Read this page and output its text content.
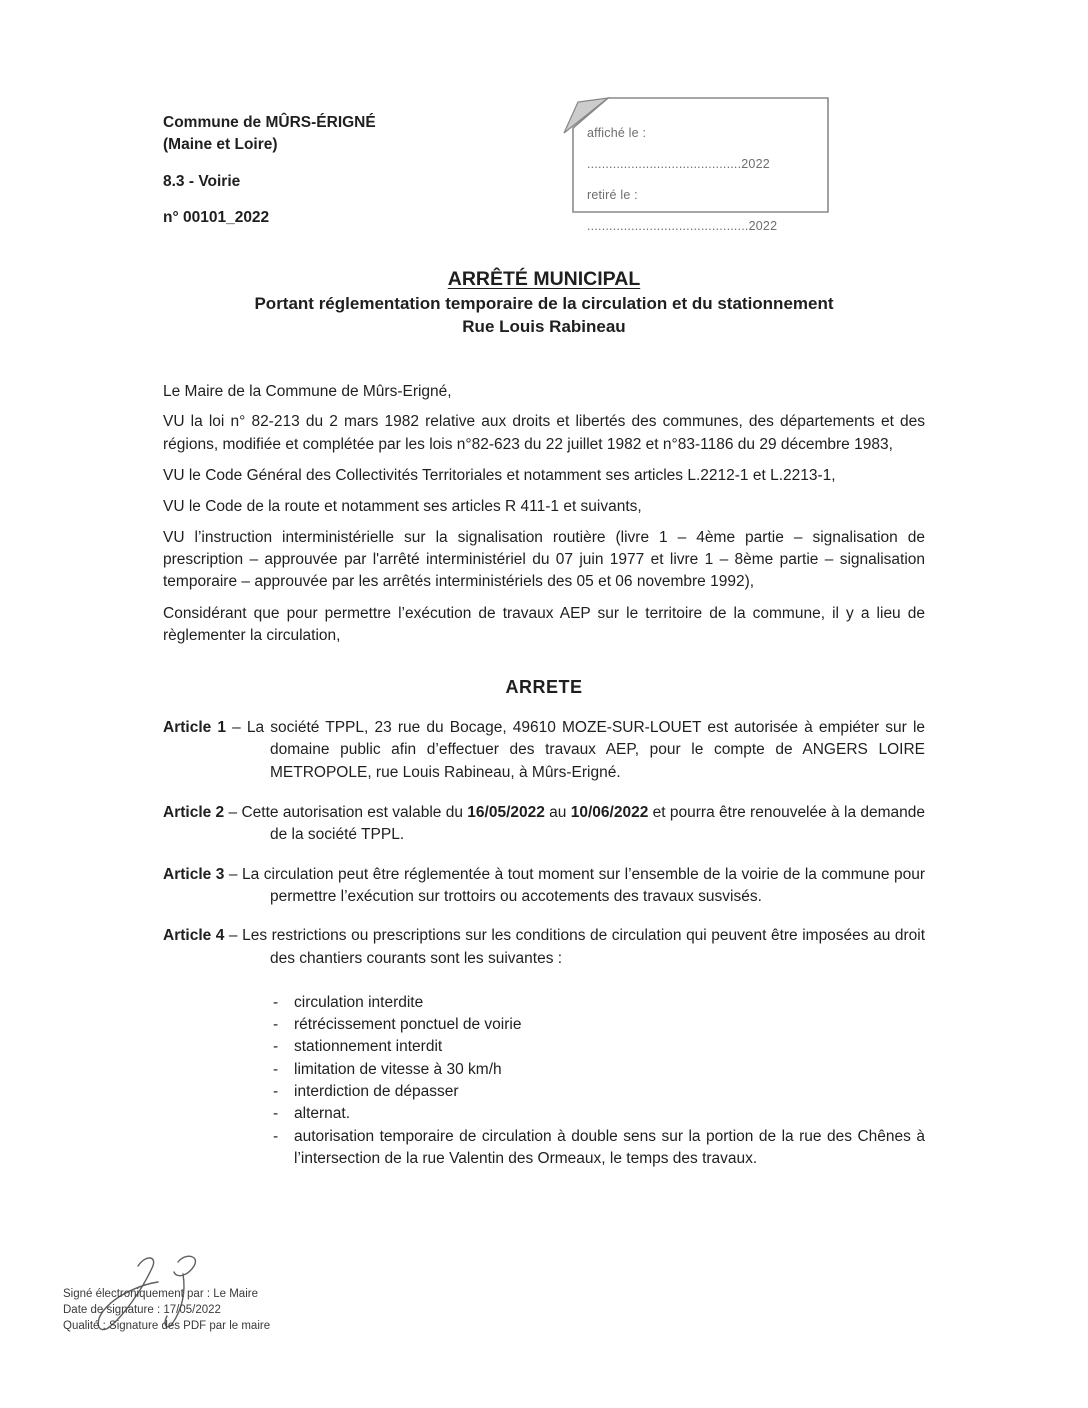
affiché le : ..........................................2022
retiré le : ............................................2022

Commune de MÛRS-ÉRIGNÉ

(Maine et Loire)

8.3 - Voirie

n° 00101_2022

ARRÊTÉ MUNICIPAL

Portant réglementation temporaire de la circulation et du stationnement

Rue Louis Rabineau

Le Maire de la Commune de Mûrs-Erigné,

VU la loi n° 82-213 du 2 mars 1982 relative aux droits et libertés des communes, des départements et des régions, modifiée et complétée par les lois n°82-623 du 22 juillet 1982 et n°83-1186 du 29 décembre 1983,

VU le Code Général des Collectivités Territoriales et notamment ses articles L.2212-1 et L.2213-1,

VU le Code de la route et notamment ses articles R 411-1 et suivants,

VU l’instruction interministérielle sur la signalisation routière (livre 1 – 4ème partie – signalisation de prescription – approuvée par l'arrêté interministériel du 07 juin 1977 et livre 1 – 8ème partie – signalisation temporaire – approuvée par les arrêtés interministériels des 05 et 06 novembre 1992),

Considérant que pour permettre l’exécution de travaux AEP sur le territoire de la commune, il y a lieu de règlementer la circulation,

ARRETE

Article 1 – La société TPPL, 23 rue du Bocage, 49610 MOZE-SUR-LOUET est autorisée à empiéter sur le domaine public afin d’effectuer des travaux AEP, pour le compte de ANGERS LOIRE METROPOLE, rue Louis Rabineau, à Mûrs-Erigné.

Article 2 – Cette autorisation est valable du 16/05/2022 au 10/06/2022 et pourra être renouvelée à la demande de la société TPPL.

Article 3 – La circulation peut être réglementée à tout moment sur l’ensemble de la voirie de la commune pour permettre l’exécution sur trottoirs ou accotements des travaux susvisés.

Article 4 – Les restrictions ou prescriptions sur les conditions de circulation qui peuvent être imposées au droit des chantiers courants sont les suivantes :

-	circulation interdite
-	rétrécissement ponctuel de voirie
-	stationnement interdit
-	limitation de vitesse à 30 km/h
-	interdiction de dépasser
-	alternat.
-	autorisation temporaire de circulation à double sens sur la portion de la rue des Chênes à l’intersection de la rue Valentin des Ormeaux, le temps des travaux.
Signé électroniquement par : Le Maire
Date de signature : 17/05/2022
Qualité : Signature des PDF par le maire
